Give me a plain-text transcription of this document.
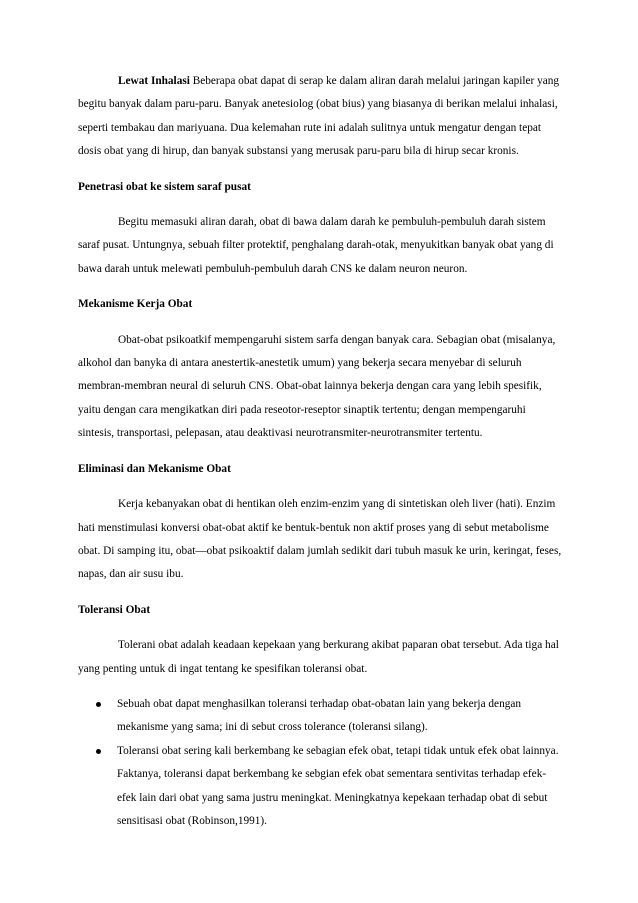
Lewat Inhalasi Beberapa obat dapat di serap ke dalam aliran darah melalui jaringan kapiler yang begitu banyak dalam paru-paru. Banyak anetesiolog (obat bius) yang biasanya di berikan melalui inhalasi, seperti tembakau dan mariyuana. Dua kelemahan rute ini adalah sulitnya untuk mengatur dengan tepat dosis obat yang di hirup, dan banyak substansi yang merusak paru-paru bila di hirup secar kronis.

Penetrasi obat ke sistem saraf pusat

Begitu memasuki aliran darah, obat di bawa dalam darah ke pembuluh-pembuluh darah sistem saraf pusat. Untungnya, sebuah filter protektif, penghalang darah-otak, menyukitkan banyak obat yang di bawa darah untuk melewati pembuluh-pembuluh darah CNS ke dalam neuron neuron.

Mekanisme Kerja Obat

Obat-obat psikoatkif mempengaruhi sistem sarfa dengan banyak cara. Sebagian obat (misalanya, alkohol dan banyka di antara anestertik-anestetik umum) yang bekerja secara menyebar di seluruh membran-membran neural di seluruh CNS. Obat-obat lainnya bekerja dengan cara yang lebih spesifik, yaitu dengan cara mengikatkan diri pada reseotor-reseptor sinaptik tertentu; dengan mempengaruhi sintesis, transportasi, pelepasan, atau deaktivasi neurotransmiter-neurotransmiter tertentu.

Eliminasi dan Mekanisme Obat

Kerja kebanyakan obat di hentikan oleh enzim-enzim yang di sintetiskan oleh liver (hati). Enzim hati menstimulasi konversi obat-obat aktif ke bentuk-bentuk non aktif proses yang di sebut metabolisme obat. Di samping itu, obat—obat psikoaktif dalam jumlah sedikit dari tubuh masuk ke urin, keringat, feses, napas, dan air susu ibu.

Toleransi Obat

Tolerani obat adalah keadaan kepekaan yang berkurang akibat paparan obat tersebut. Ada tiga hal yang penting untuk di ingat tentang ke spesifikan toleransi obat.

Sebuah obat dapat menghasilkan toleransi terhadap obat-obatan lain yang bekerja dengan mekanisme yang sama; ini di sebut cross tolerance (toleransi silang).
Toleransi obat sering kali berkembang ke sebagian efek obat, tetapi tidak untuk efek obat lainnya. Faktanya, toleransi dapat berkembang ke sebgian efek obat sementara sentivitas terhadap efek-efek lain dari obat yang sama justru meningkat. Meningkatnya kepekaan terhadap obat di sebut sensitisasi obat (Robinson,1991).
